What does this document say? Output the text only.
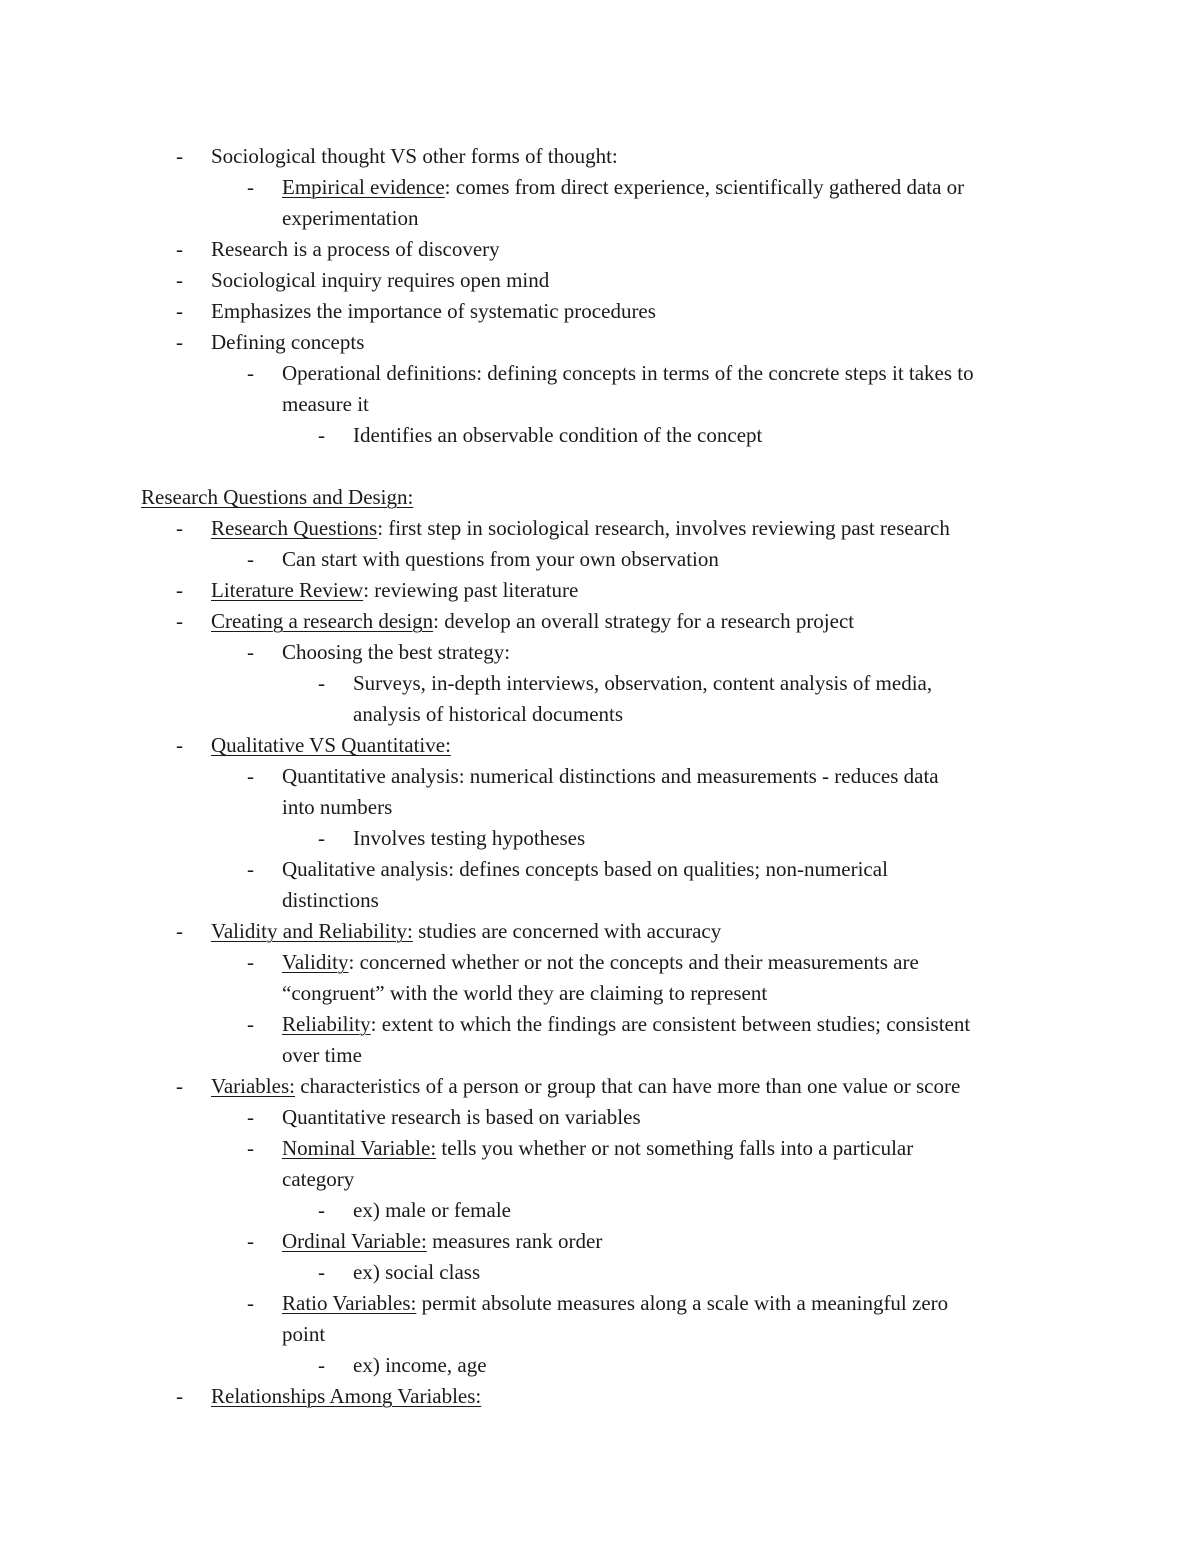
- Sociological thought VS other forms of thought:
- Empirical evidence: comes from direct experience, scientifically gathered data or
experimentation
- Research is a process of discovery
- Sociological inquiry requires open mind
- Emphasizes the importance of systematic procedures
- Defining concepts
- Operational definitions: defining concepts in terms of the concrete steps it takes to
measure it
- Identifies an observable condition of the concept
Research Questions and Design:
- Research Questions: first step in sociological research, involves reviewing past research
- Can start with questions from your own observation
- Literature Review: reviewing past literature
- Creating a research design: develop an overall strategy for a research project
- Choosing the best strategy:
- Surveys, in-depth interviews, observation, content analysis of media,
analysis of historical documents
- Qualitative VS Quantitative:
- Quantitative analysis: numerical distinctions and measurements - reduces data
into numbers
- Involves testing hypotheses
- Qualitative analysis: defines concepts based on qualities; non-numerical
distinctions
- Validity and Reliability: studies are concerned with accuracy
- Validity: concerned whether or not the concepts and their measurements are
“congruent” with the world they are claiming to represent
- Reliability: extent to which the findings are consistent between studies; consistent
over time
- Variables: characteristics of a person or group that can have more than one value or score
- Quantitative research is based on variables
- Nominal Variable: tells you whether or not something falls into a particular
category
- ex) male or female
- Ordinal Variable: measures rank order
- ex) social class
- Ratio Variables: permit absolute measures along a scale with a meaningful zero
point
- ex) income, age
- Relationships Among Variables:
